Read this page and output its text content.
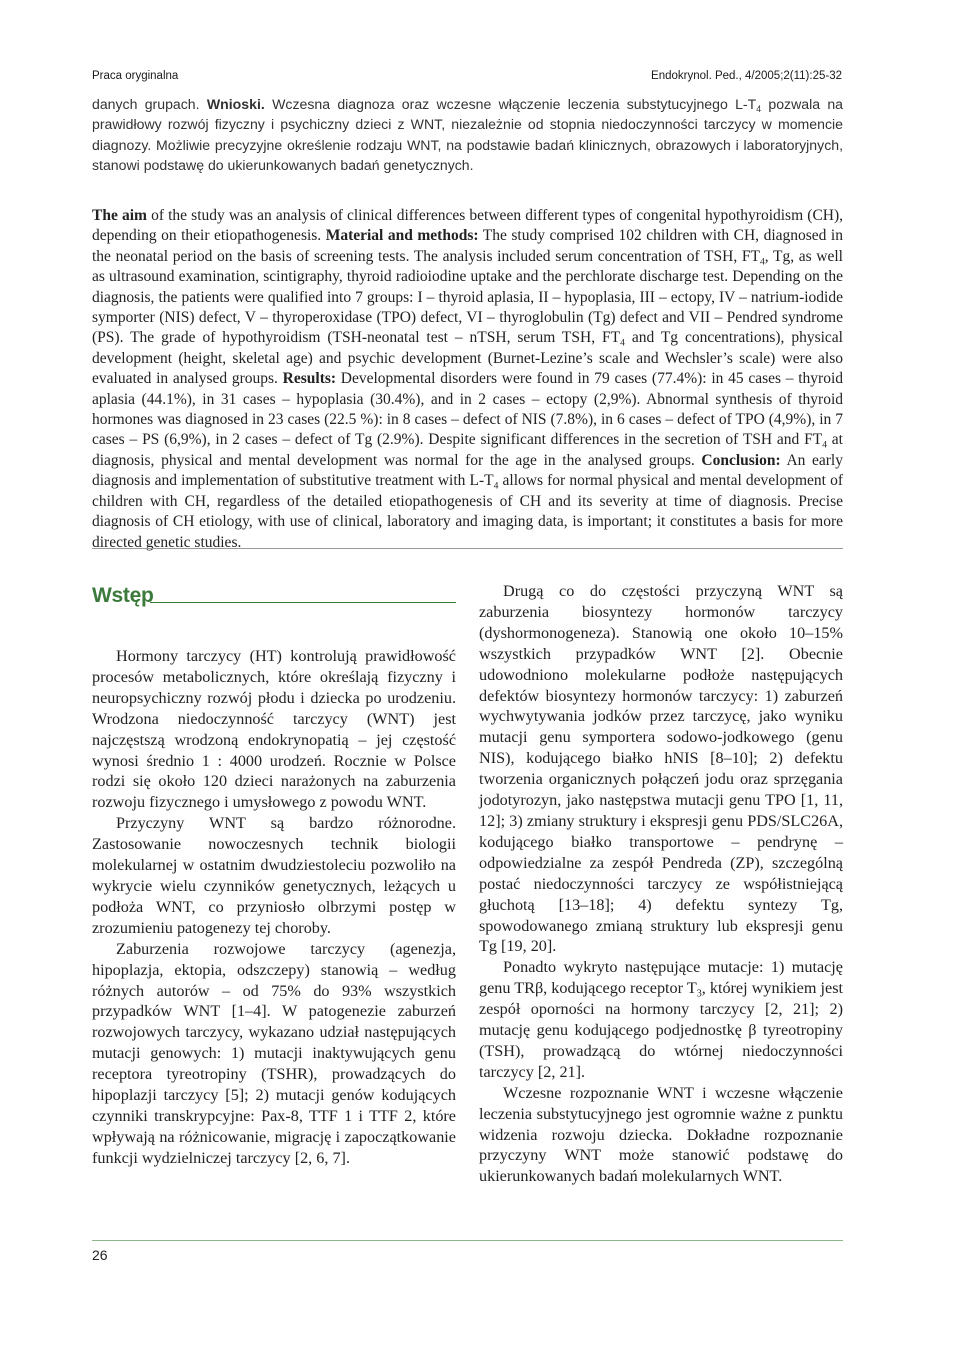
Praca oryginalna	Endokrynol. Ped., 4/2005;2(11):25-32

danych grupach. Wnioski. Wczesna diagnoza oraz wczesne włączenie leczenia substytucyjnego $L-T_4$ pozwala na prawidłowy rozwój fizyczny i psychiczny dzieci z WNT, niezależnie od stopnia niedoczynności tarczycy w momencie diagnozy. Możliwie precyzyjne określenie rodzaju WNT, na podstawie badań klinicznych, obrazowych i laboratoryjnych, stanowi podstawę do ukierunkowanych badań genetycznych.

The aim of the study was an analysis of clinical differences between different types of congenital hypothyroidism (CH), depending on their etiopathogenesis. Material and methods: The study comprised 102 children with CH, diagnosed in the neonatal period on the basis of screening tests. The analysis included serum concentration of TSH, $FT_4$, Tg, as well as ultrasound examination, scintigraphy, thyroid radioiodine uptake and the perchlorate discharge test. Depending on the diagnosis, the patients were qualified into 7 groups: I – thyroid aplasia, II – hypoplasia, III – ectopy, IV – natrium-iodide symporter (NIS) defect, V – thyroperoxidase (TPO) defect, VI – thyroglobulin (Tg) defect and VII – Pendred syndrome (PS). The grade of hypothyroidism (TSH-neonatal test – nTSH, serum TSH, $FT_4$ and Tg concentrations), physical development (height, skeletal age) and psychic development (Burnet-Lezine’s scale and Wechsler’s scale) were also evaluated in analysed groups. Results: Developmental disorders were found in 79 cases (77.4%): in 45 cases – thyroid aplasia (44.1%), in 31 cases – hypoplasia (30.4%), and in 2 cases – ectopy (2,9%). Abnormal synthesis of thyroid hormones was diagnosed in 23 cases (22.5 %): in 8 cases – defect of NIS (7.8%), in 6 cases – defect of TPO (4,9%), in 7 cases – PS (6,9%), in 2 cases – defect of Tg (2.9%). Despite significant differences in the secretion of TSH and $FT_4$ at diagnosis, physical and mental development was normal for the age in the analysed groups. Conclusion: An early diagnosis and implementation of substitutive treatment with $L-T_4$ allows for normal physical and mental development of children with CH, regardless of the detailed etiopathogenesis of CH and its severity at time of diagnosis. Precise diagnosis of CH etiology, with use of clinical, laboratory and imaging data, is important; it constitutes a basis for more directed genetic studies.

Wstęp

Hormony tarczycy (HT) kontrolują prawidłowość procesów metabolicznych, które określają fizyczny i neuropsychiczny rozwój płodu i dziecka po urodzeniu. Wrodzona niedoczynność tarczycy (WNT) jest najczęstszą wrodzoną endokrynopatią – jej częstość wynosi średnio 1 : 4000 urodzeń. Rocznie w Polsce rodzi się około 120 dzieci narażonych na zaburzenia rozwoju fizycznego i umysłowego z powodu WNT.

Przyczyny WNT są bardzo różnorodne. Zastosowanie nowoczesnych technik biologii molekularnej w ostatnim dwudziestoleciu pozwoliło na wykrycie wielu czynników genetycznych, leżących u podłoża WNT, co przyniosło olbrzymi postęp w zrozumieniu patogenezy tej choroby.

Zaburzenia rozwojowe tarczycy (agenezja, hipoplazja, ektopia, odszczepy) stanowią – według różnych autorów – od 75% do 93% wszystkich przypadków WNT [1–4]. W patogenezie zaburzeń rozwojowych tarczycy, wykazano udział następujących mutacji genowych: 1) mutacji inaktywujących genu receptora tyreotropiny (TSHR), prowadzących do hipoplazji tarczycy [5]; 2) mutacji genów kodujących czynniki transkrypcyjne: Pax-8, TTF 1 i TTF 2, które wpływają na różnicowanie, migrację i zapoczątkowanie funkcji wydzielniczej tarczycy [2, 6, 7].

Drugą co do częstości przyczyną WNT są zaburzenia biosyntezy hormonów tarczycy (dyshormonogeneza). Stanowią one około 10–15% wszystkich przypadków WNT [2]. Obecnie udowodniono molekularne podłoże następujących defektów biosyntezy hormonów tarczycy: 1) zaburzeń wychwytywania jodków przez tarczycę, jako wyniku mutacji genu symportera sodowo-jodkowego (genu NIS), kodującego białko hNIS [8–10]; 2) defektu tworzenia organicznych połączeń jodu oraz sprzęgania jodotyrozyn, jako następstwa mutacji genu TPO [1, 11, 12]; 3) zmiany struktury i ekspresji genu PDS/SLC26A, kodującego białko transportowe – pendrynę – odpowiedzialne za zespół Pendreda (ZP), szczególną postać niedoczynności tarczycy ze współistniejącą głuchotą [13–18]; 4) defektu syntezy Tg, spowodowanego zmianą struktury lub ekspresji genu Tg [19, 20].

Ponadto wykryto następujące mutacje: 1) mutację genu TRβ, kodującego receptor $T_3$, której wynikiem jest zespół oporności na hormony tarczycy [2, 21]; 2) mutację genu kodującego podjednostkę β tyreotropiny (TSH), prowadzącą do wtórnej niedoczynności tarczycy [2, 21].

Wczesne rozpoznanie WNT i wczesne włączenie leczenia substytucyjnego jest ogromnie ważne z punktu widzenia rozwoju dziecka. Dokładne rozpoznanie przyczyny WNT może stanowić podstawę do ukierunkowanych badań molekularnych WNT.

26
